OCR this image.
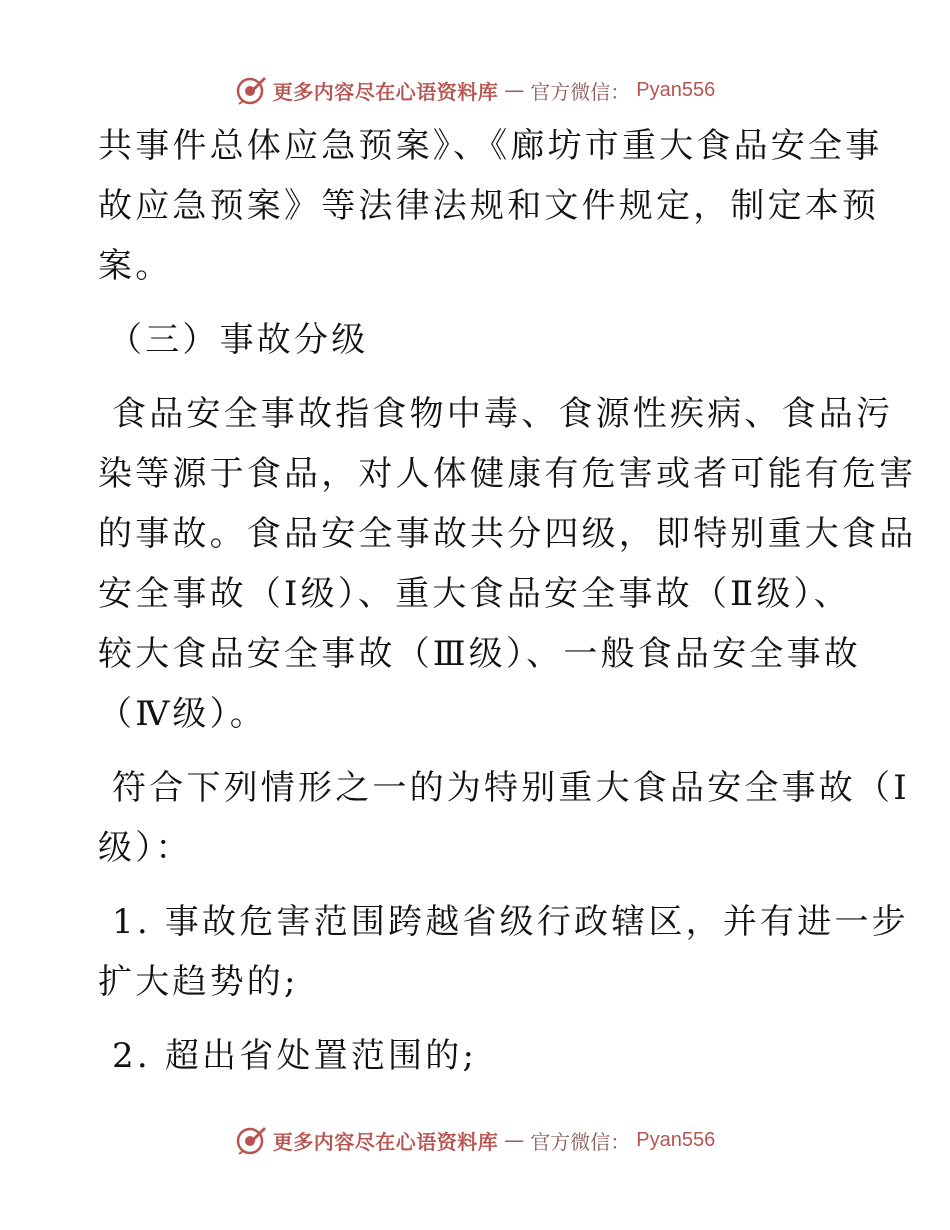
更多内容尽在心语资料库 — 官方微信： Pyan556
共事件总体应急预案》、《廊坊市重大食品安全事
故应急预案》等法律法规和文件规定，制定本预
案。
（三）事故分级
食品安全事故指食物中毒、食源性疾病、食品污
染等源于食品，对人体健康有危害或者可能有危害
的事故。食品安全事故共分四级，即特别重大食品
安全事故（Ⅰ级）、重大食品安全事故（Ⅱ级）、
较大食品安全事故（Ⅲ级）、一般食品安全事故
（Ⅳ级）。
符合下列情形之一的为特别重大食品安全事故（Ⅰ
级）：
1. 事故危害范围跨越省级行政辖区，并有进一步
扩大趋势的;
2. 超出省处置范围的;
更多内容尽在心语资料库 — 官方微信： Pyan556
